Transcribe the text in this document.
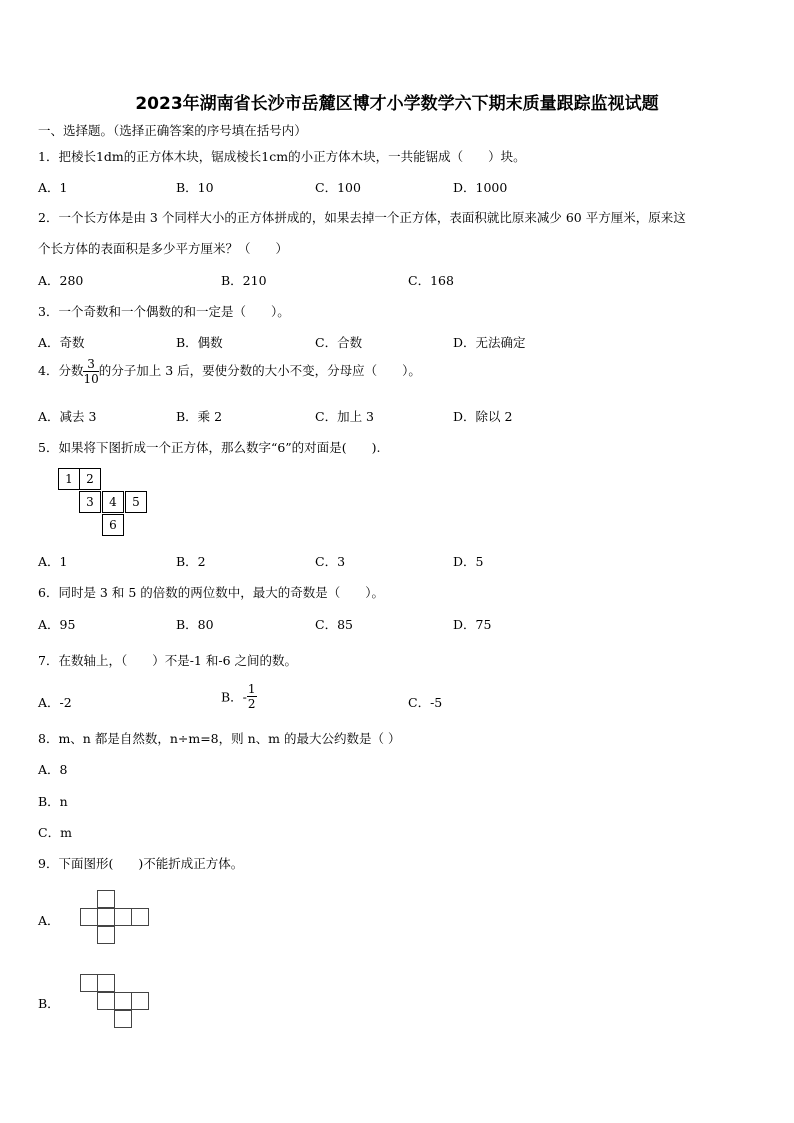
2023年湖南省长沙市岳麓区博才小学数学六下期末质量跟踪监视试题
一、选择题。（选择正确答案的序号填在括号内）
1．把棱长1dm的正方体木块，锯成棱长1cm的小正方体木块，一共能锯成（　　）块。
A．1	B．10	C．100	D．1000
2．一个长方体是由 3 个同样大小的正方体拼成的，如果去掉一个正方体，表面积就比原来减少 60 平方厘米，原来这
个长方体的表面积是多少平方厘米？（　　）
A．280	B．210	C．168
3．一个奇数和一个偶数的和一定是（　　）。
A．奇数	B．偶数	C．合数	D．无法确定
4．分数 $\frac{3}{10}$ 的分子加上 3 后，要使分数的大小不变，分母应（　　）。
A．减去 3	B．乘 2	C．加上 3	D．除以 2
5．如果将下图折成一个正方体，那么数字“6”的对面是(　　).
1	2
3	4	5
6
A．1	B．2	C．3	D．5
6．同时是 3 和 5 的倍数的两位数中，最大的奇数是（　　）。
A．95	B．80	C．85	D．75
7．在数轴上，（　　）不是-1 和-6 之间的数。
A．-2	B．- $\frac{1}{2}$	C．-5
8．m、n 都是自然数，n÷m=8，则 n、m 的最大公约数是（ ）
A．8
B．n
C．m
9．下面图形(　　)不能折成正方体。
A．
B．
